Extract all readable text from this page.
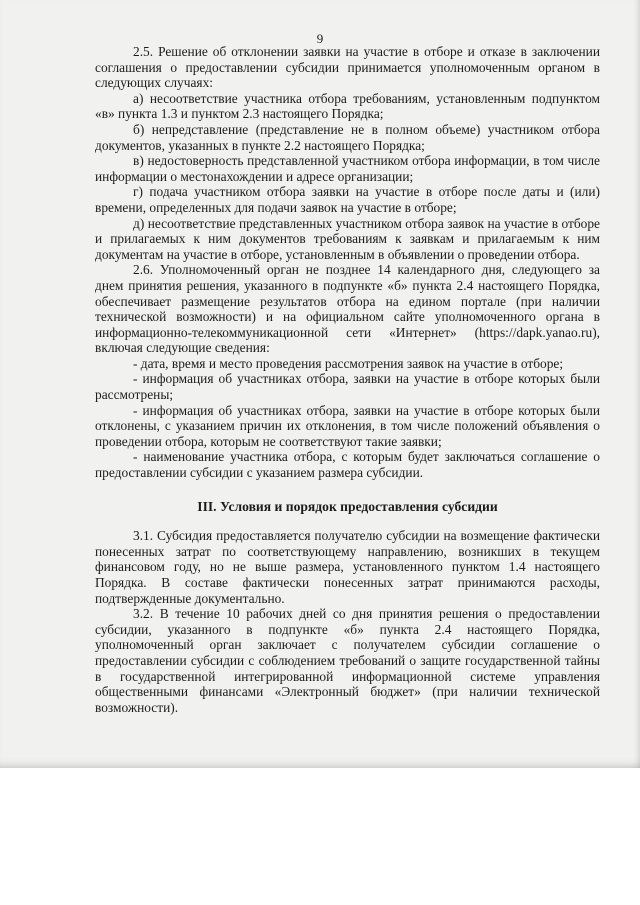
9

2.5. Решение об отклонении заявки на участие в отборе и отказе в заключении соглашения о предоставлении субсидии принимается уполномоченным органом в следующих случаях:

а) несоответствие участника отбора требованиям, установленным подпунктом «в» пункта 1.3 и пунктом 2.3 настоящего Порядка;

б) непредставление (представление не в полном объеме) участником отбора документов, указанных в пункте 2.2 настоящего Порядка;

в) недостоверность представленной участником отбора информации, в том числе информации о местонахождении и адресе организации;

г) подача участником отбора заявки на участие в отборе после даты и (или) времени, определенных для подачи заявок на участие в отборе;

д) несоответствие представленных участником отбора заявок на участие в отборе и прилагаемых к ним документов требованиям к заявкам и прилагаемым к ним документам на участие в отборе, установленным в объявлении о проведении отбора.

2.6. Уполномоченный орган не позднее 14 календарного дня, следующего за днем принятия решения, указанного в подпункте «б» пункта 2.4 настоящего Порядка, обеспечивает размещение результатов отбора на едином портале (при наличии технической возможности) и на официальном сайте уполномоченного органа в информационно-телекоммуникационной сети «Интернет» (https://dapk.yanao.ru), включая следующие сведения:

- дата, время и место проведения рассмотрения заявок на участие в отборе;

- информация об участниках отбора, заявки на участие в отборе которых были рассмотрены;

- информация об участниках отбора, заявки на участие в отборе которых были отклонены, с указанием причин их отклонения, в том числе положений объявления о проведении отбора, которым не соответствуют такие заявки;

- наименование участника отбора, с которым будет заключаться соглашение о предоставлении субсидии с указанием размера субсидии.

III. Условия и порядок предоставления субсидии

3.1. Субсидия предоставляется получателю субсидии на возмещение фактически понесенных затрат по соответствующему направлению, возникших в текущем финансовом году, но не выше размера, установленного пунктом 1.4 настоящего Порядка. В составе фактически понесенных затрат принимаются расходы, подтвержденные документально.

3.2. В течение 10 рабочих дней со дня принятия решения о предоставлении субсидии, указанного в подпункте «б» пункта 2.4 настоящего Порядка, уполномоченный орган заключает с получателем субсидии соглашение о предоставлении субсидии с соблюдением требований о защите государственной тайны в государственной интегрированной информационной системе управления общественными финансами «Электронный бюджет» (при наличии технической возможности).
